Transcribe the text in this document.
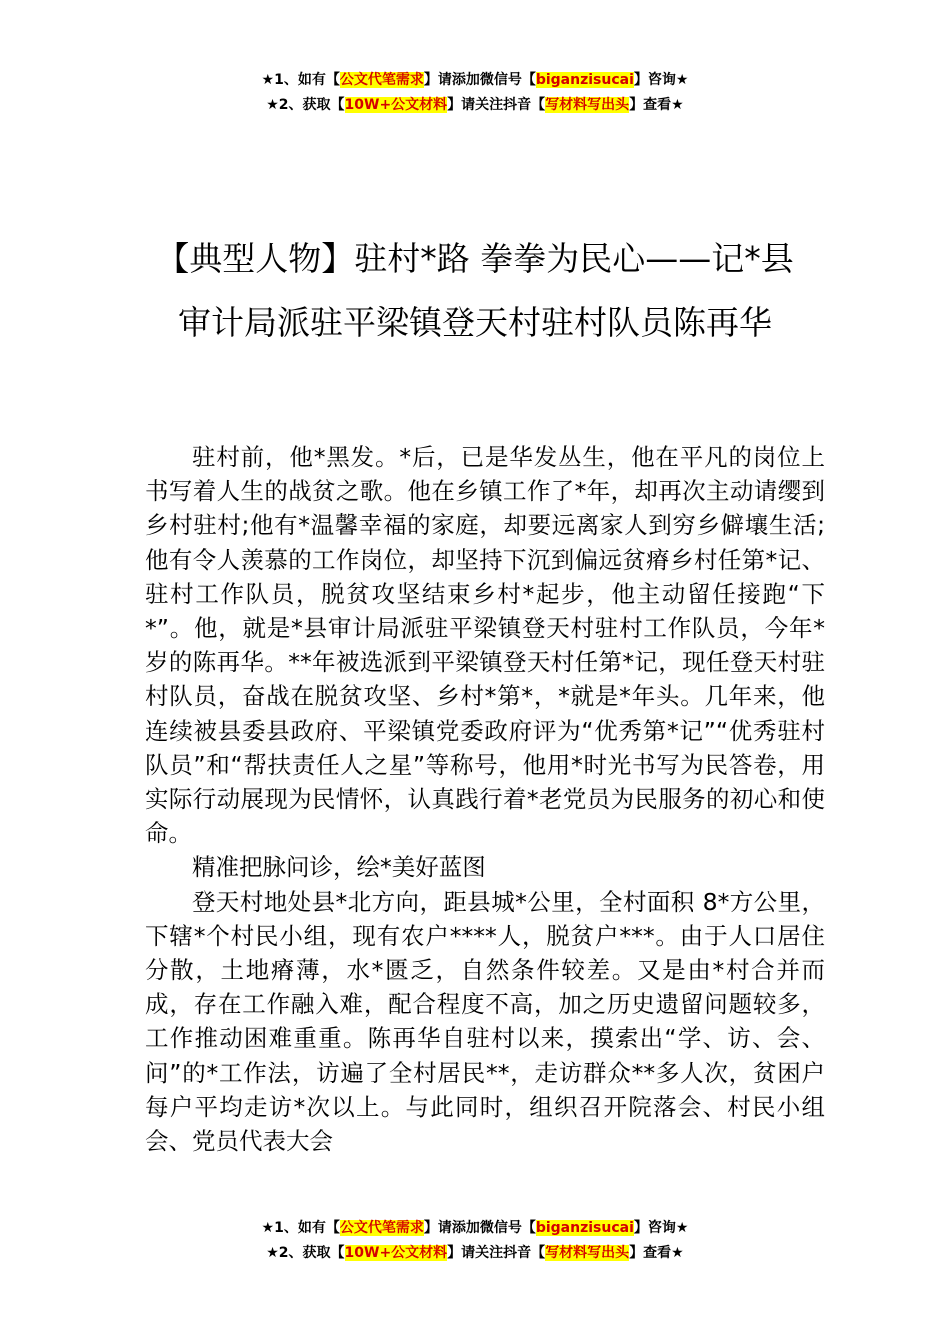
★1、如有【公文代笔需求】请添加微信号【biganzisucai】咨询★
★2、获取【10W+公文材料】请关注抖音【写材料写出头】查看★
【典型人物】驻村*路 拳拳为民心——记*县审计局派驻平梁镇登天村驻村队员陈再华

驻村前，他*黑发。*后，已是华发丛生，他在平凡的岗位上书写着人生的战贫之歌。他在乡镇工作了*年，却再次主动请缨到乡村驻村;他有*温馨幸福的家庭，却要远离家人到穷乡僻壤生活;他有令人羡慕的工作岗位，却坚持下沉到偏远贫瘠乡村任第*记、驻村工作队员，脱贫攻坚结束乡村*起步，他主动留任接跑“下*”。他，就是*县审计局派驻平梁镇登天村驻村工作队员，今年*岁的陈再华。**年被选派到平梁镇登天村任第*记，现任登天村驻村队员，奋战在脱贫攻坚、乡村*第*，*就是*年头。几年来，他连续被县委县政府、平梁镇党委政府评为“优秀第*记”“优秀驻村队员”和“帮扶责任人之星”等称号，他用*时光书写为民答卷，用实际行动展现为民情怀，认真践行着*老党员为民服务的初心和使命。

精准把脉问诊，绘*美好蓝图

登天村地处县*北方向，距县城*公里，全村面积 8*方公里，下辖*个村民小组，现有农户****人，脱贫户***。由于人口居住分散，土地瘠薄，水*匮乏，自然条件较差。又是由*村合并而成，存在工作融入难，配合程度不高，加之历史遗留问题较多，工作推动困难重重。陈再华自驻村以来，摸索出“学、访、会、问”的*工作法，访遍了全村居民**，走访群众**多人次，贫困户每户平均走访*次以上。与此同时，组织召开院落会、村民小组会、党员代表大会

★1、如有【公文代笔需求】请添加微信号【biganzisucai】咨询★
★2、获取【10W+公文材料】请关注抖音【写材料写出头】查看★
